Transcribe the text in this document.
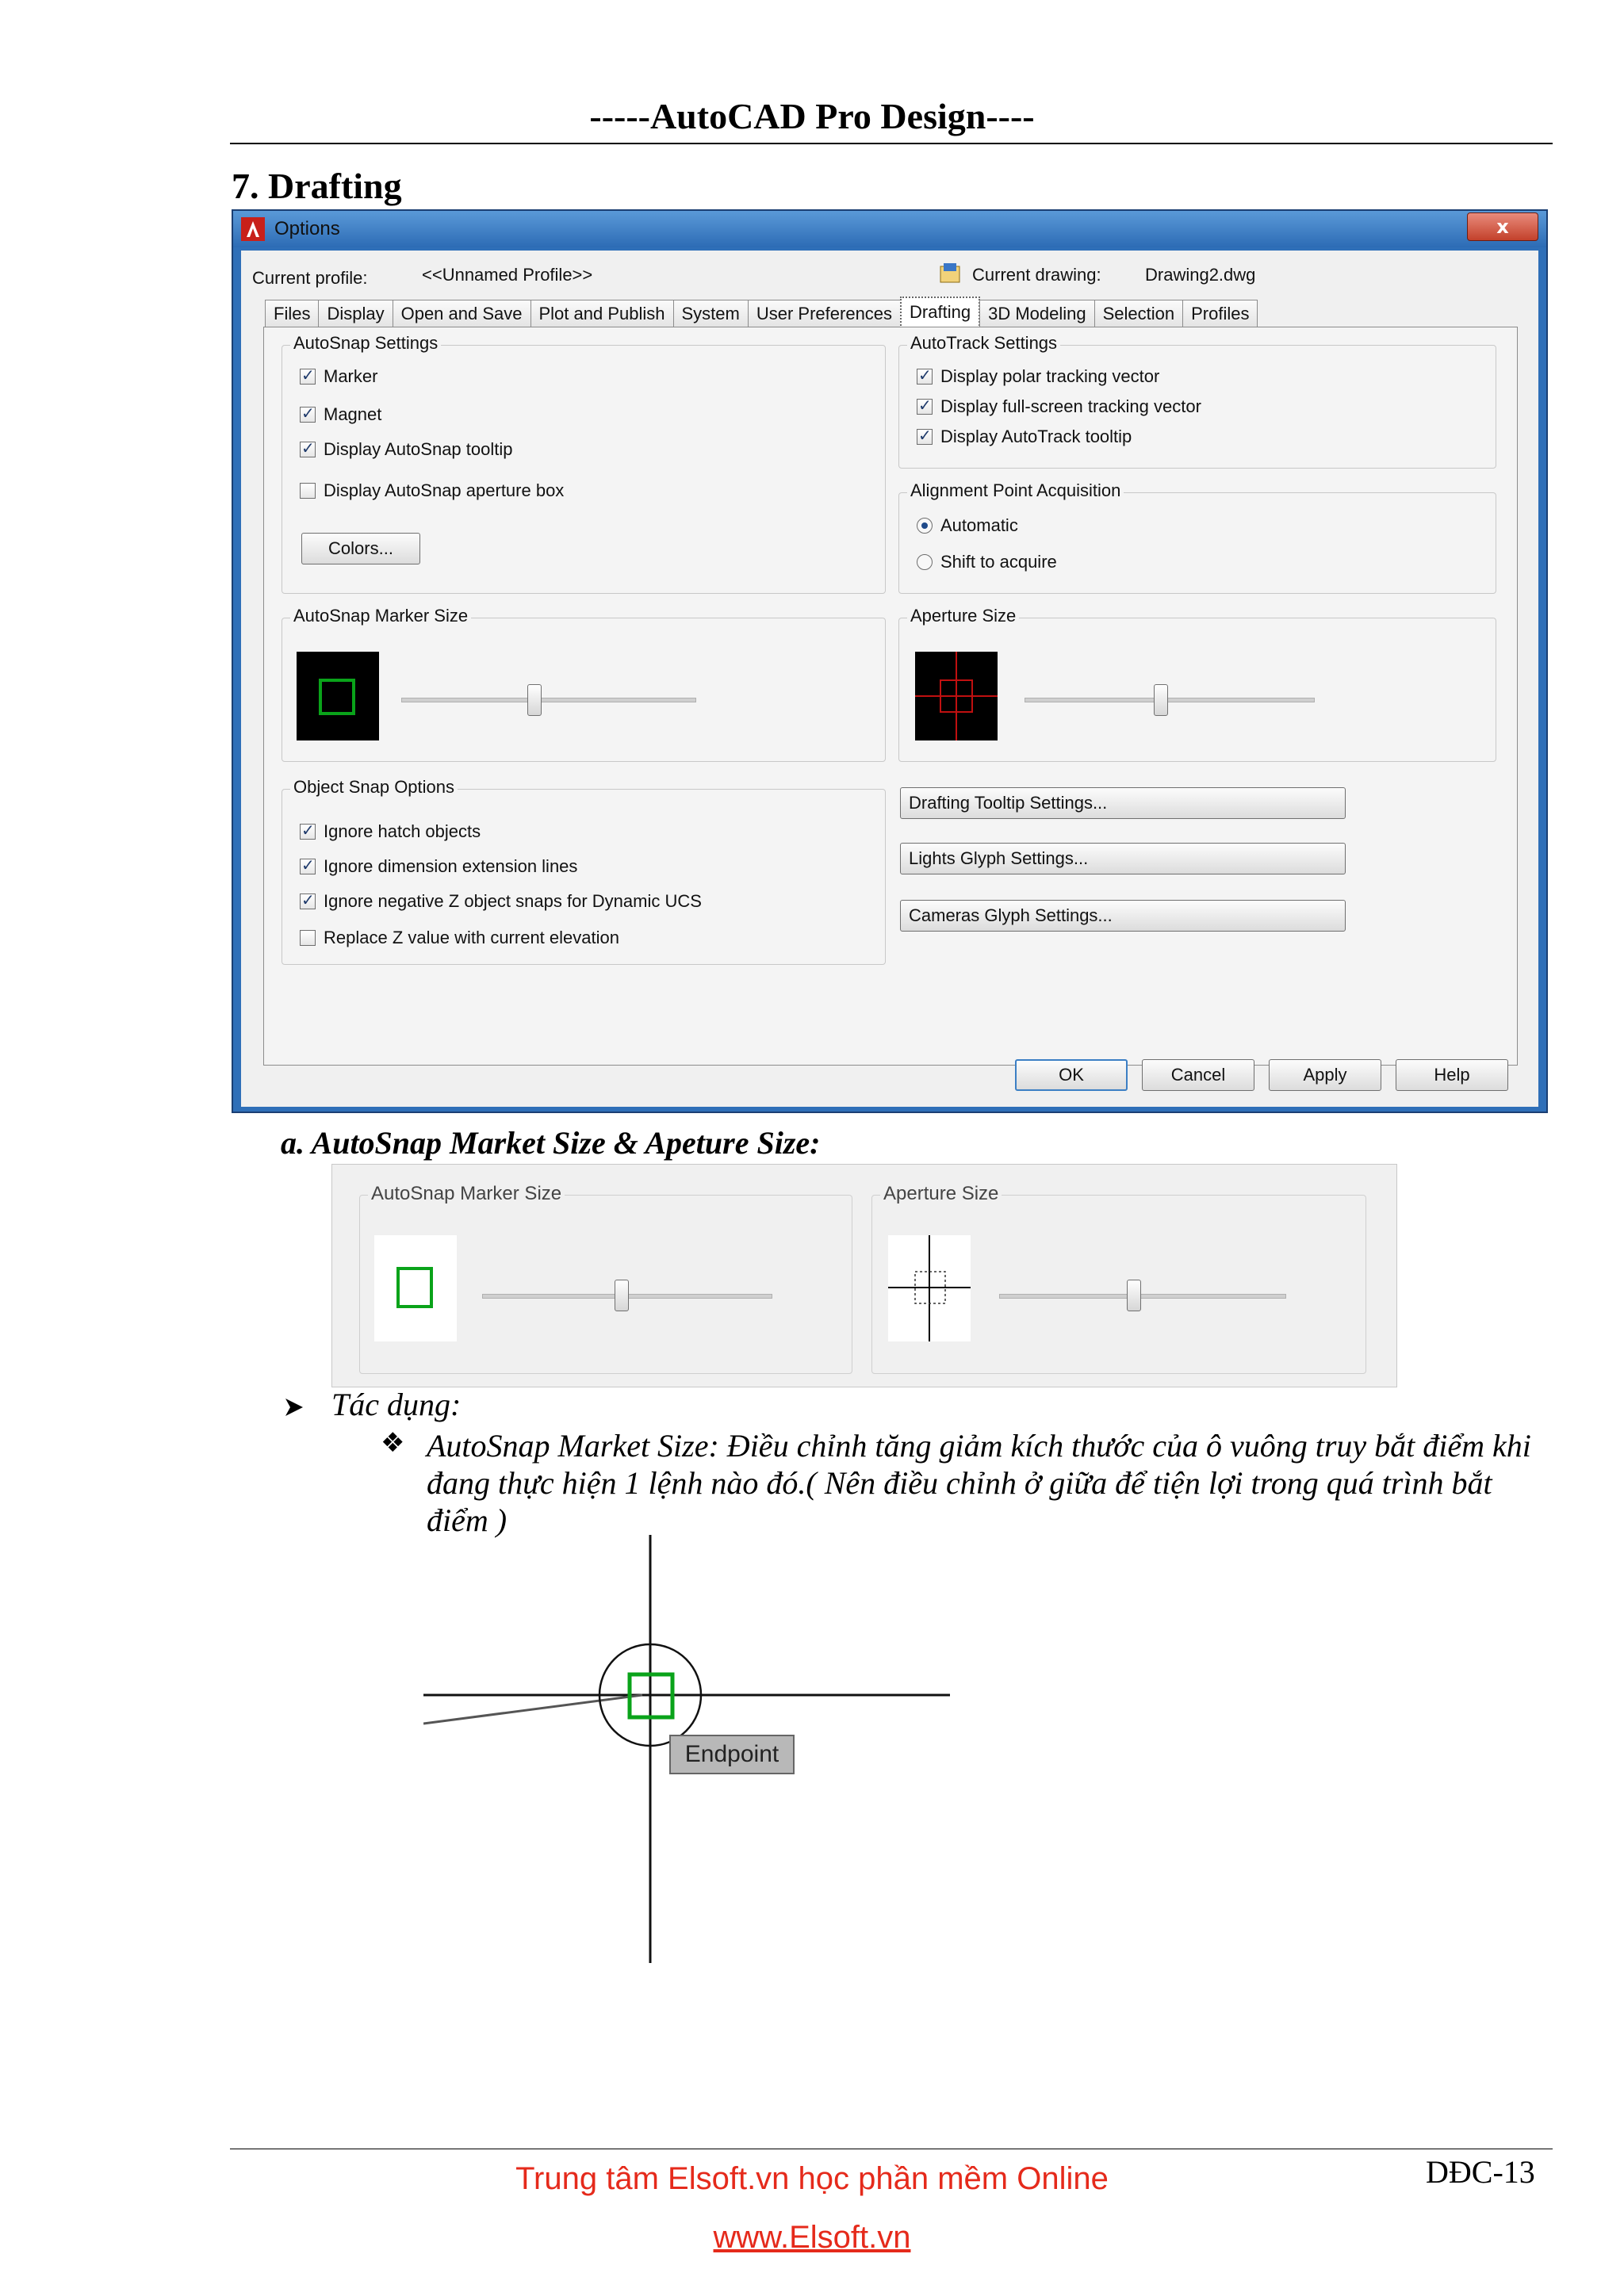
-----AutoCAD Pro Design----
7. Drafting
Options	x
Current profile:	<<Unnamed Profile>>	Current drawing:	Drawing2.dwg
Files Display Open and Save Plot and Publish System User Preferences	Drafting	3D Modeling Selection Profiles
AutoSnap Settings
✓
Marker
✓
Magnet
✓
Display AutoSnap tooltip
Display AutoSnap aperture box
Colors...
AutoTrack Settings
✓
Display polar tracking vector
✓
Display full-screen tracking vector
✓
Display AutoTrack tooltip
Alignment Point Acquisition
Automatic
Shift to acquire
AutoSnap Marker Size	Aperture Size
Object Snap Options
✓
Ignore hatch objects
✓
Ignore dimension extension lines
✓
Ignore negative Z object snaps for Dynamic UCS
Replace Z value with current elevation
Drafting Tooltip Settings...
Lights Glyph Settings...
Cameras Glyph Settings...
OK	Cancel	Apply	Help
a. AutoSnap Market Size & Apeture Size:
AutoSnap Marker Size	Aperture Size
Tác dụng:
❖ AutoSnap Market Size: Điều chỉnh tăng giảm kích thước của ô vuông truy bắt điểm khi đang thực hiện 1 lệnh nào đó.( Nên điều chỉnh ở giữa để tiện lợi trong quá trình bắt điểm )
Endpoint
DĐC-13
Trung tâm Elsoft.vn học phần mềm Online
www.Elsoft.vn
